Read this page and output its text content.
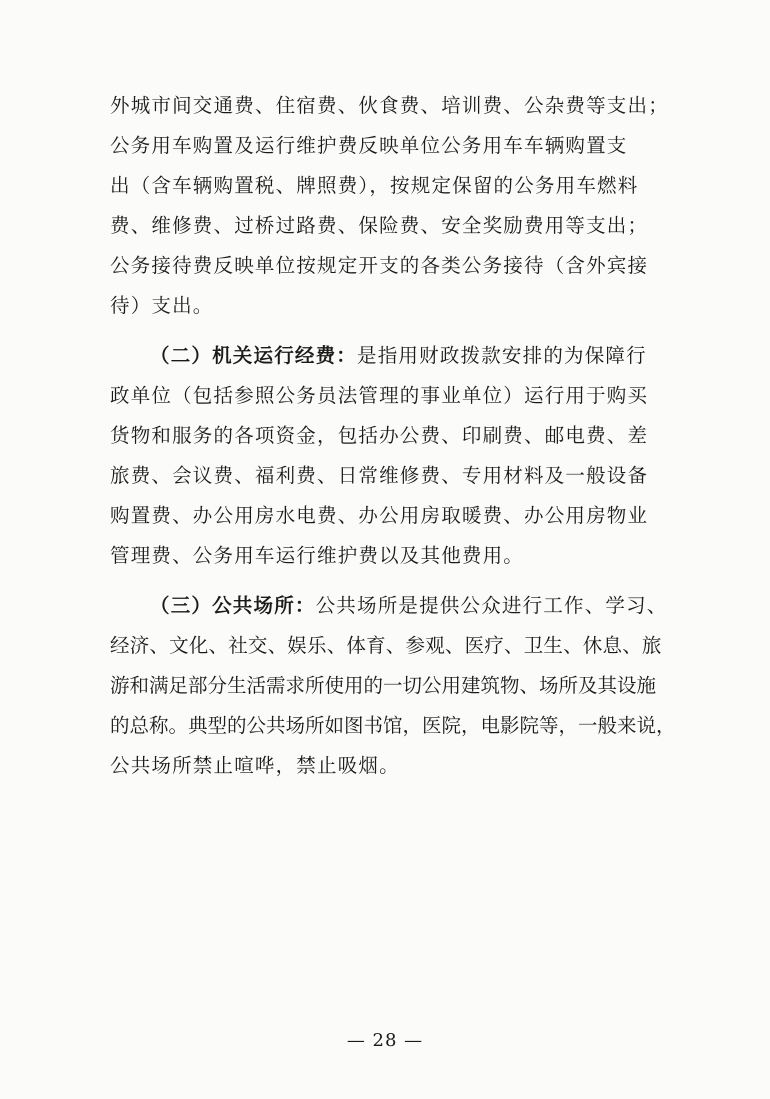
外城市间交通费、住宿费、伙食费、培训费、公杂费等支出；
公务用车购置及运行维护费反映单位公务用车车辆购置支
出（含车辆购置税、牌照费），按规定保留的公务用车燃料
费、维修费、过桥过路费、保险费、安全奖励费用等支出；
公务接待费反映单位按规定开支的各类公务接待（含外宾接
待）支出。
（二）机关运行经费：是指用财政拨款安排的为保障行
政单位（包括参照公务员法管理的事业单位）运行用于购买
货物和服务的各项资金，包括办公费、印刷费、邮电费、差
旅费、会议费、福利费、日常维修费、专用材料及一般设备
购置费、办公用房水电费、办公用房取暖费、办公用房物业
管理费、公务用车运行维护费以及其他费用。
（三）公共场所：公共场所是提供公众进行工作、学习、
经济、文化、社交、娱乐、体育、参观、医疗、卫生、休息、旅
游和满足部分生活需求所使用的一切公用建筑物、场所及其设施
的总称。典型的公共场所如图书馆，医院，电影院等，一般来说，
公共场所禁止喧哗，禁止吸烟。
— 28 —
